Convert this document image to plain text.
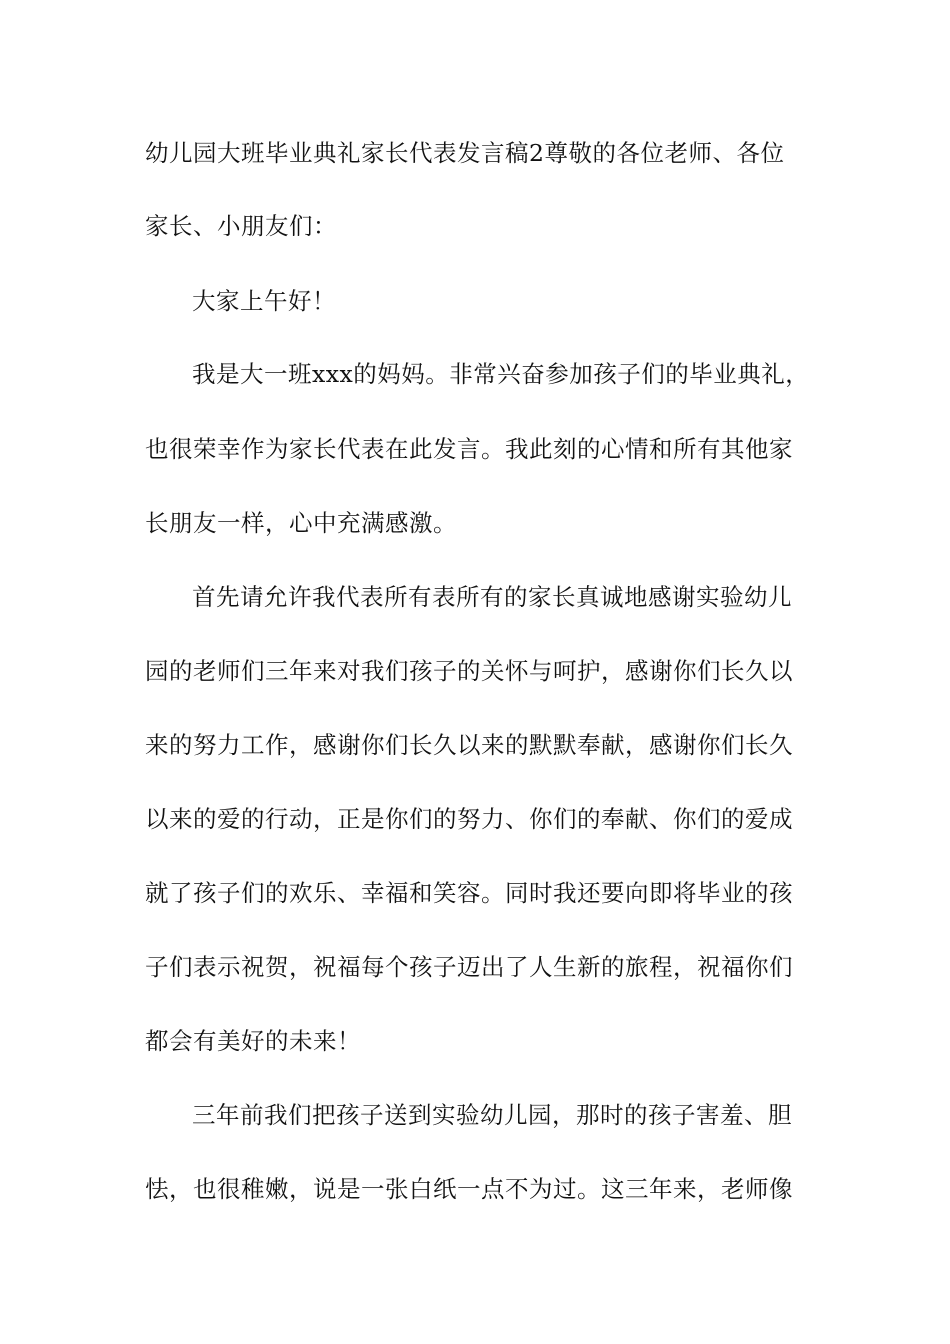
幼儿园大班毕业典礼家长代表发言稿2尊敬的各位老师、各位
家长、小朋友们：
大家上午好！
我是大一班xxx的妈妈。非常兴奋参加孩子们的毕业典礼，
也很荣幸作为家长代表在此发言。我此刻的心情和所有其他家
长朋友一样，心中充满感激。
首先请允许我代表所有表所有的家长真诚地感谢实验幼儿
园的老师们三年来对我们孩子的关怀与呵护，感谢你们长久以
来的努力工作，感谢你们长久以来的默默奉献，感谢你们长久
以来的爱的行动，正是你们的努力、你们的奉献、你们的爱成
就了孩子们的欢乐、幸福和笑容。同时我还要向即将毕业的孩
子们表示祝贺，祝福每个孩子迈出了人生新的旅程，祝福你们
都会有美好的未来！
三年前我们把孩子送到实验幼儿园，那时的孩子害羞、胆
怯，也很稚嫩，说是一张白纸一点不为过。这三年来，老师像
